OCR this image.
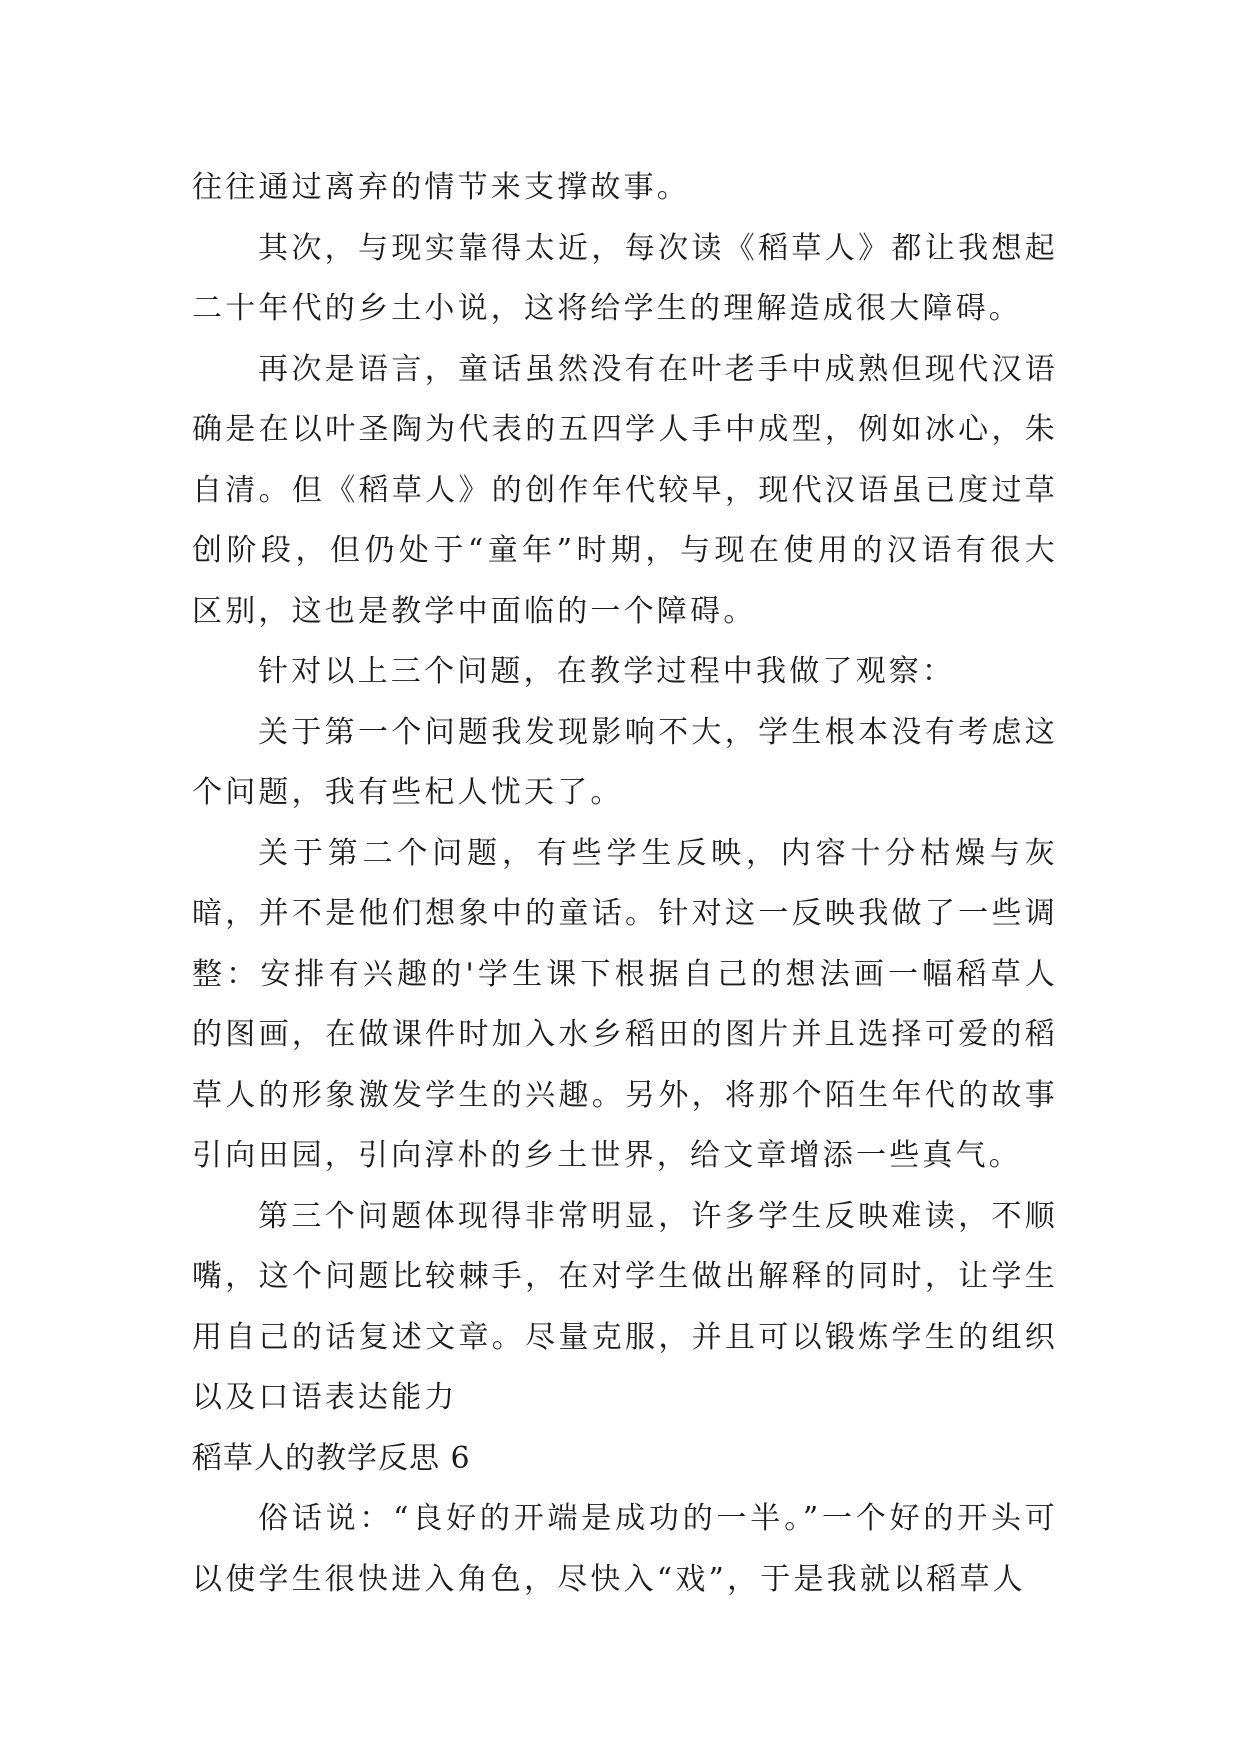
往往通过离弃的情节来支撑故事。

其次，与现实靠得太近，每次读《稻草人》都让我想起二十年代的乡土小说，这将给学生的理解造成很大障碍。

再次是语言，童话虽然没有在叶老手中成熟但现代汉语确是在以叶圣陶为代表的五四学人手中成型，例如冰心，朱自清。但《稻草人》的创作年代较早，现代汉语虽已度过草创阶段，但仍处于“童年”时期，与现在使用的汉语有很大区别，这也是教学中面临的一个障碍。

针对以上三个问题，在教学过程中我做了观察：

关于第一个问题我发现影响不大，学生根本没有考虑这个问题，我有些杞人忧天了。

关于第二个问题，有些学生反映，内容十分枯燥与灰暗，并不是他们想象中的童话。针对这一反映我做了一些调整：安排有兴趣的'学生课下根据自己的想法画一幅稻草人的图画，在做课件时加入水乡稻田的图片并且选择可爱的稻草人的形象激发学生的兴趣。另外，将那个陌生年代的故事引向田园，引向淳朴的乡土世界，给文章增添一些真气。

第三个问题体现得非常明显，许多学生反映难读，不顺嘴，这个问题比较棘手，在对学生做出解释的同时，让学生用自己的话复述文章。尽量克服，并且可以锻炼学生的组织以及口语表达能力

稻草人的教学反思 6

俗话说：“良好的开端是成功的一半。”一个好的开头可以使学生很快进入角色，尽快入“戏”，于是我就以稻草人
